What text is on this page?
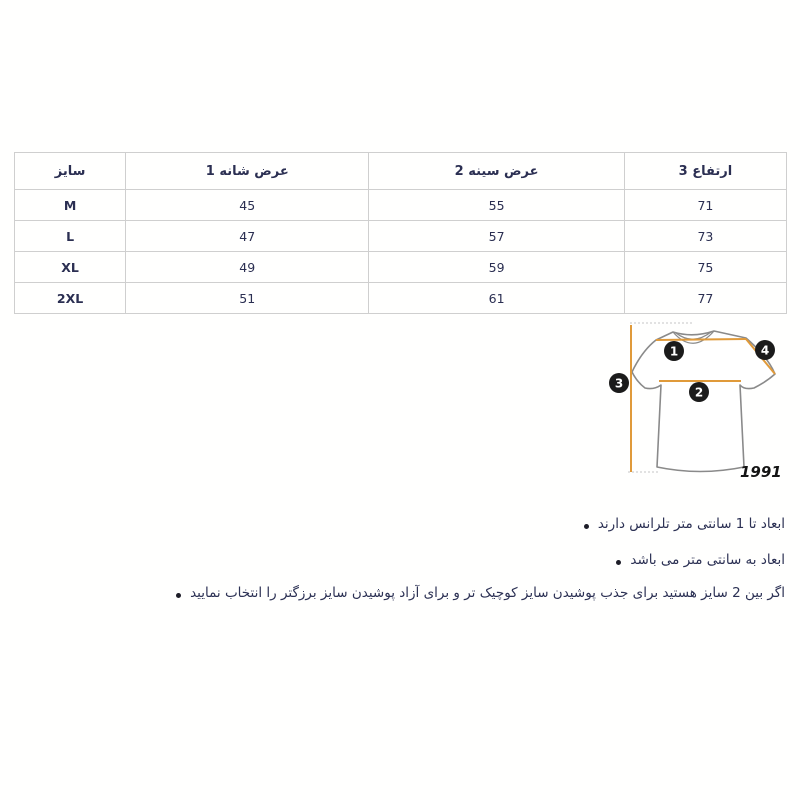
سایز	عرض شانه 1	عرض سینه 2	ارتفاع 3
M	45	55	71
L	47	57	73
XL	49	59	75
2XL	51	61	77
1
2
3
4
1991
ابعاد تا 1 سانتی متر تلرانس دارند
ابعاد به سانتی متر می باشد
اگر بین 2 سایز هستید برای جذب پوشیدن سایز کوچیک تر و برای آزاد پوشیدن سایز برزگتر را انتخاب نمایید
